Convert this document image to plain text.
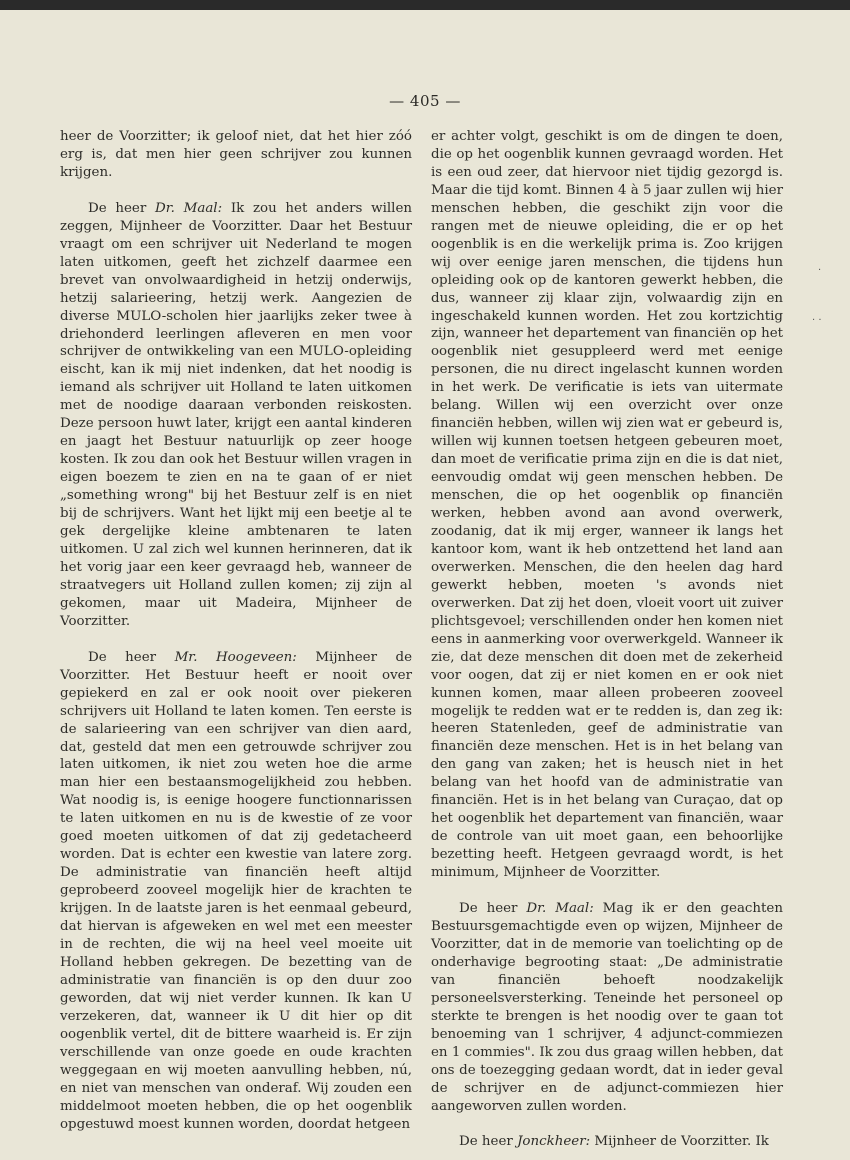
— 405 —

heer de Voorzitter; ik geloof niet, dat het hier zóó erg is, dat men hier geen schrijver zou kunnen krijgen.

De heer Dr. Maal: Ik zou het anders willen zeggen, Mijnheer de Voorzitter. Daar het Bestuur vraagt om een schrijver uit Nederland te mogen laten uitkomen, geeft het zichzelf daarmee een brevet van onvolwaardigheid in hetzij onderwijs, hetzij salarieering, hetzij werk. Aangezien de diverse MULO-scholen hier jaarlijks zeker twee à driehonderd leerlingen afleveren en men voor schrijver de ontwikkeling van een MULO-opleiding eischt, kan ik mij niet indenken, dat het noodig is iemand als schrijver uit Holland te laten uitkomen met de noodige daaraan verbonden reiskosten. Deze persoon huwt later, krijgt een aantal kinderen en jaagt het Bestuur natuurlijk op zeer hooge kosten. Ik zou dan ook het Bestuur willen vragen in eigen boezem te zien en na te gaan of er niet „something wrong" bij het Bestuur zelf is en niet bij de schrijvers. Want het lijkt mij een beetje al te gek dergelijke kleine ambtenaren te laten uitkomen. U zal zich wel kunnen herinneren, dat ik het vorig jaar een keer gevraagd heb, wanneer de straatvegers uit Holland zullen komen; zij zijn al gekomen, maar uit Madeira, Mijnheer de Voorzitter.

De heer Mr. Hoogeveen: Mijnheer de Voorzitter. Het Bestuur heeft er nooit over gepiekerd en zal er ook nooit over piekeren schrijvers uit Holland te laten komen. Ten eerste is de salarieering van een schrijver van dien aard, dat, gesteld dat men een getrouwde schrijver zou laten uitkomen, ik niet zou weten hoe die arme man hier een bestaansmogelijkheid zou hebben. Wat noodig is, is eenige hoogere functionnarissen te laten uitkomen en nu is de kwestie of ze voor goed moeten uitkomen of dat zij gedetacheerd worden. Dat is echter een kwestie van latere zorg. De administratie van financiën heeft altijd geprobeerd zooveel mogelijk hier de krachten te krijgen. In de laatste jaren is het eenmaal gebeurd, dat hiervan is afgeweken en wel met een meester in de rechten, die wij na heel veel moeite uit Holland hebben gekregen. De bezetting van de administratie van financiën is op den duur zoo geworden, dat wij niet verder kunnen. Ik kan U verzekeren, dat, wanneer ik U dit hier op dit oogenblik vertel, dit de bittere waarheid is. Er zijn verschillende van onze goede en oude krachten weggegaan en wij moeten aanvulling hebben, nú, en niet van menschen van onderaf. Wij zouden een middelmoot moeten hebben, die op het oogenblik opgestuwd moest kunnen worden, doordat hetgeen

er achter volgt, geschikt is om de dingen te doen, die op het oogenblik kunnen gevraagd worden. Het is een oud zeer, dat hiervoor niet tijdig gezorgd is. Maar die tijd komt. Binnen 4 à 5 jaar zullen wij hier menschen hebben, die geschikt zijn voor die rangen met de nieuwe opleiding, die er op het oogenblik is en die werkelijk prima is. Zoo krijgen wij over eenige jaren menschen, die tijdens hun opleiding ook op de kantoren gewerkt hebben, die dus, wanneer zij klaar zijn, volwaardig zijn en ingeschakeld kunnen worden. Het zou kortzichtig zijn, wanneer het departement van financiën op het oogenblik niet gesuppleerd werd met eenige personen, die nu direct ingelascht kunnen worden in het werk. De verificatie is iets van uitermate belang. Willen wij een overzicht over onze financiën hebben, willen wij zien wat er gebeurd is, willen wij kunnen toetsen hetgeen gebeuren moet, dan moet de verificatie prima zijn en die is dat niet, eenvoudig omdat wij geen menschen hebben. De menschen, die op het oogenblik op financiën werken, hebben avond aan avond overwerk, zoodanig, dat ik mij erger, wanneer ik langs het kantoor kom, want ik heb ontzettend het land aan overwerken. Menschen, die den heelen dag hard gewerkt hebben, moeten 's avonds niet overwerken. Dat zij het doen, vloeit voort uit zuiver plichtsgevoel; verschillenden onder hen komen niet eens in aanmerking voor overwerkgeld. Wanneer ik zie, dat deze menschen dit doen met de zekerheid voor oogen, dat zij er niet komen en er ook niet kunnen komen, maar alleen probeeren zooveel mogelijk te redden wat er te redden is, dan zeg ik: heeren Statenleden, geef de administratie van financiën deze menschen. Het is in het belang van den gang van zaken; het is heusch niet in het belang van het hoofd van de administratie van financiën. Het is in het belang van Curaçao, dat op het oogenblik het departement van financiën, waar de controle van uit moet gaan, een behoorlijke bezetting heeft. Hetgeen gevraagd wordt, is het minimum, Mijnheer de Voorzitter.

De heer Dr. Maal: Mag ik er den geachten Bestuursgemachtigde even op wijzen, Mijnheer de Voorzitter, dat in de memorie van toelichting op de onderhavige begrooting staat: „De administratie van financiën behoeft noodzakelijk personeelsversterking. Teneinde het personeel op sterkte te brengen is het noodig over te gaan tot benoeming van 1 schrijver, 4 adjunct-commiezen en 1 commies". Ik zou dus graag willen hebben, dat ons de toezegging gedaan wordt, dat in ieder geval de schrijver en de adjunct-commiezen hier aangeworven zullen worden.

De heer Jonckheer: Mijnheer de Voorzitter. Ik

.
. .
